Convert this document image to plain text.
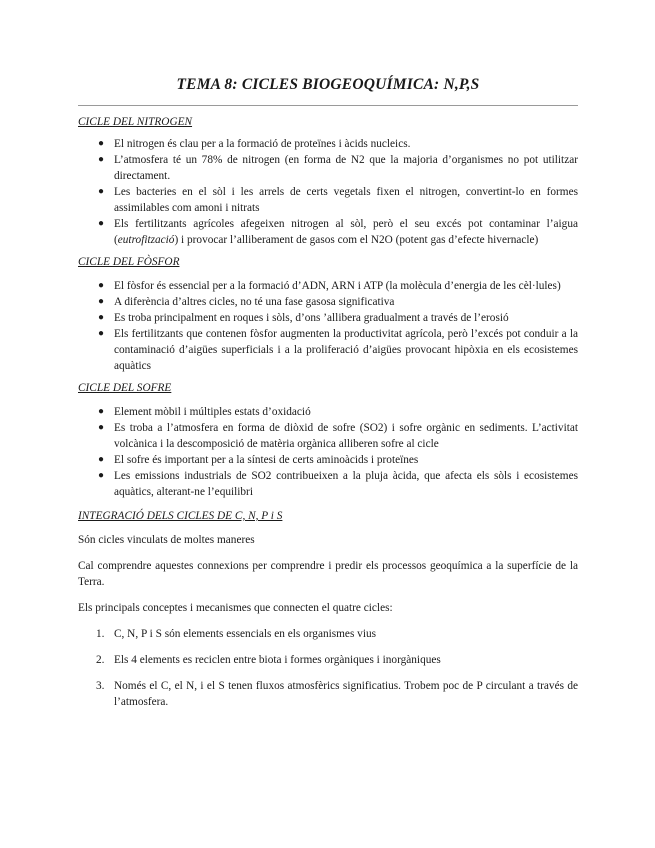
TEMA 8: CICLES BIOGEOQUÍMICA: N,P,S
CICLE DEL NITROGEN
● El nitrogen és clau per a la formació de proteïnes i àcids nucleics.
● L’atmosfera té un 78% de nitrogen (en forma de N2 que la majoria d’organismes no pot utilitzar directament.
● Les bacteries en el sòl i les arrels de certs vegetals fixen el nitrogen, convertint-lo en formes assimilables com amoni i nitrats
● Els fertilitzants agrícoles afegeixen nitrogen al sòl, però el seu excés pot contaminar l’aigua (eutrofització) i provocar l’alliberament de gasos com el N2O (potent gas d’efecte hivernacle)
CICLE DEL FÒSFOR
● El fòsfor és essencial per a la formació d’ADN, ARN i ATP (la molècula d’energia de les cèl·lules)
● A diferència d’altres cicles, no té una fase gasosa significativa
● Es troba principalment en roques i sòls, d’ons ’allibera gradualment a través de l’erosió
● Els fertilitzants que contenen fòsfor augmenten la productivitat agrícola, però l’excés pot conduir a la contaminació d’aigües superficials i a la proliferació d’aigües provocant hipòxia en els ecosistemes aquàtics
CICLE DEL SOFRE
● Element mòbil i múltiples estats d’oxidació
● Es troba a l’atmosfera en forma de diòxid de sofre (SO2) i sofre orgànic en sediments. L’activitat volcànica i la descomposició de matèria orgànica alliberen sofre al cicle
● El sofre és important per a la síntesi de certs aminoàcids i proteïnes
● Les emissions industrials de SO2 contribueixen a la pluja àcida, que afecta els sòls i ecosistemes aquàtics, alterant-ne l’equilibri
INTEGRACIÓ DELS CICLES DE C, N, P i S

Són cicles vinculats de moltes maneres

Cal comprendre aquestes connexions per comprendre i predir els processos geoquímica a la superfície de la Terra.

Els principals conceptes i mecanismes que connecten el quatre cicles:

1. C, N, P i S són elements essencials en els organismes vius
2. Els 4 elements es reciclen entre biota i formes orgàniques i inorgàniques
3. Només el C, el N, i el S tenen fluxos atmosfèrics significatius. Trobem poc de P circulant a través de l’atmosfera.
